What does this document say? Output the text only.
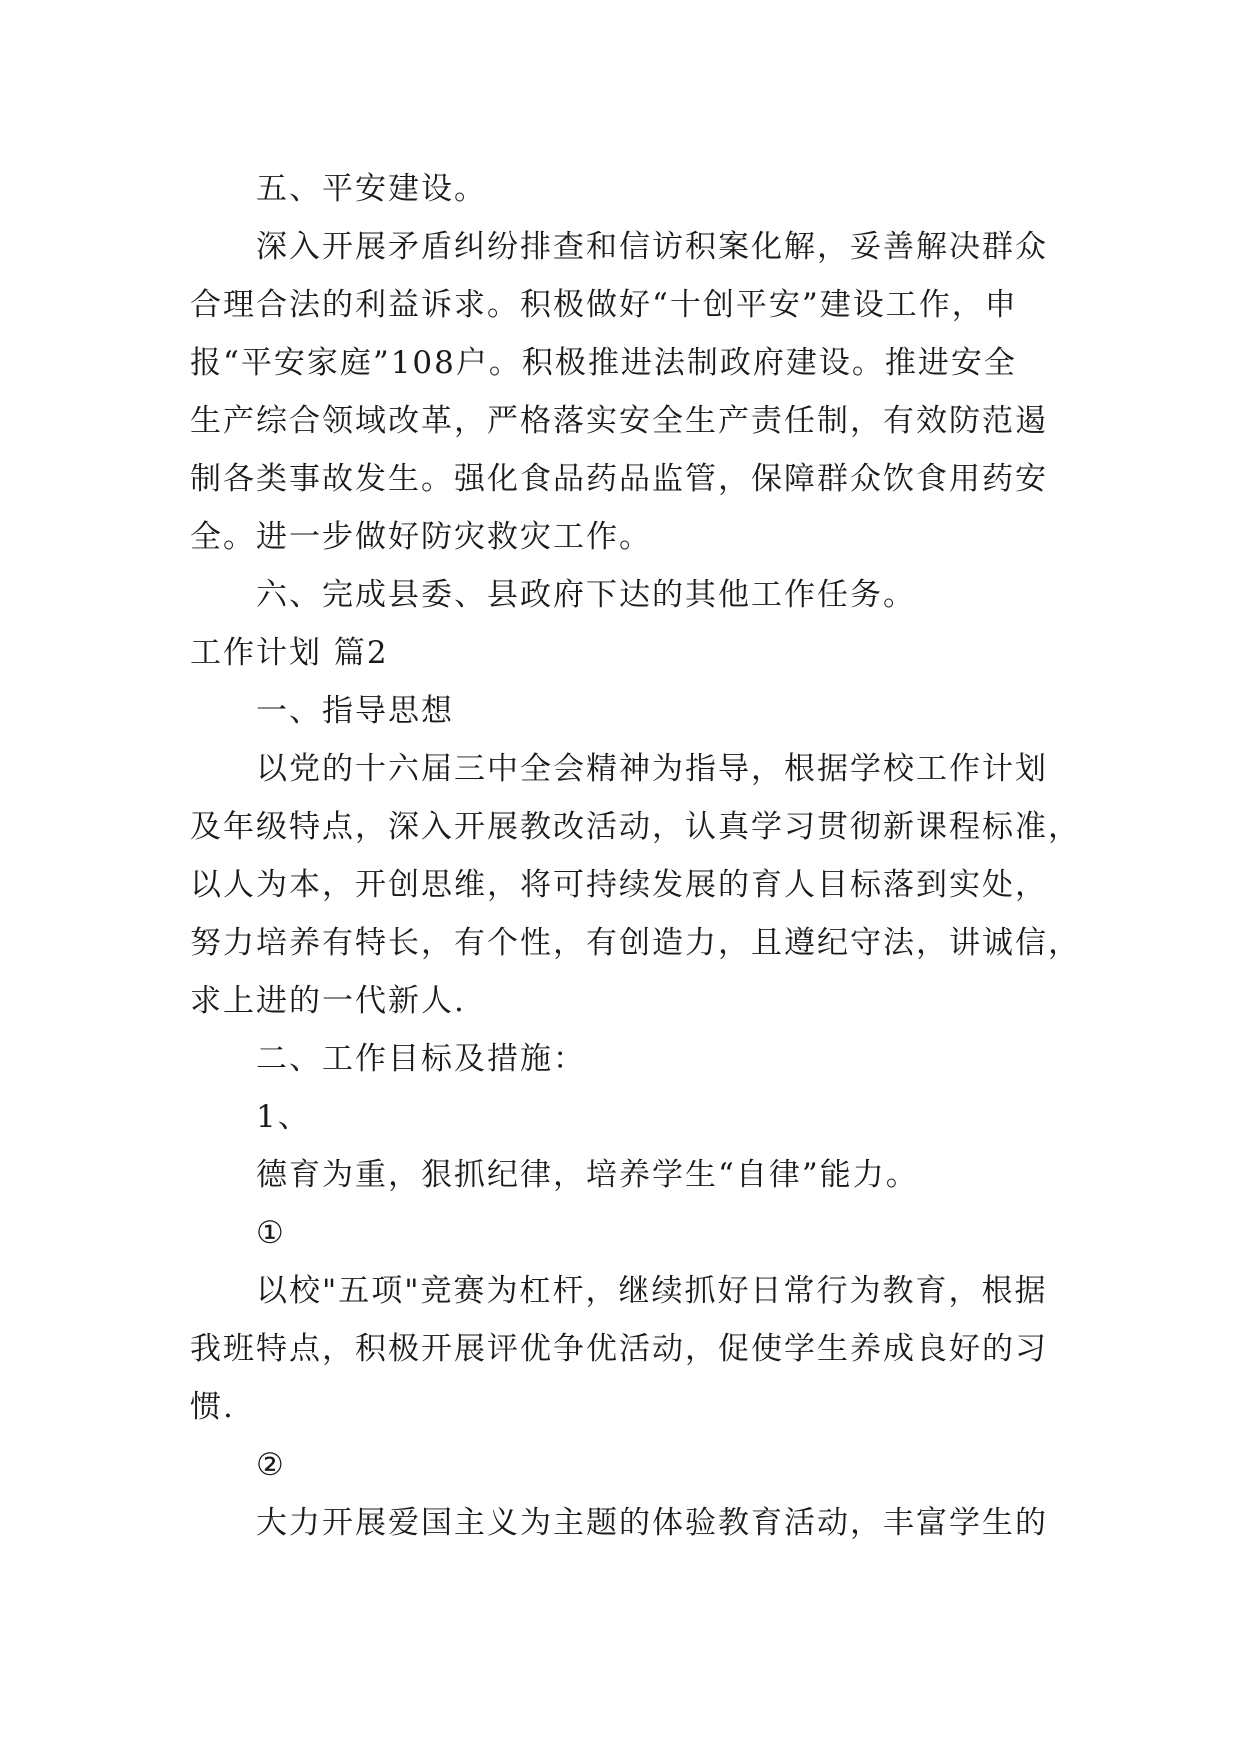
五、平安建设。

深入开展矛盾纠纷排查和信访积案化解，妥善解决群众

合理合法的利益诉求。积极做好“十创平安”建设工作，申

报“平安家庭”108户。积极推进法制政府建设。推进安全

生产综合领域改革，严格落实安全生产责任制，有效防范遏

制各类事故发生。强化食品药品监管，保障群众饮食用药安

全。进一步做好防灾救灾工作。

六、完成县委、县政府下达的其他工作任务。

工作计划 篇2

一、指导思想

以党的十六届三中全会精神为指导，根据学校工作计划

及年级特点，深入开展教改活动，认真学习贯彻新课程标准，

以人为本，开创思维，将可持续发展的育人目标落到实处，

努力培养有特长，有个性，有创造力，且遵纪守法，讲诚信，

求上进的一代新人.

二、工作目标及措施：

1、

德育为重，狠抓纪律，培养学生“自律”能力。

①

以校"五项"竞赛为杠杆，继续抓好日常行为教育，根据

我班特点，积极开展评优争优活动，促使学生养成良好的习

惯.

②

大力开展爱国主义为主题的体验教育活动，丰富学生的
